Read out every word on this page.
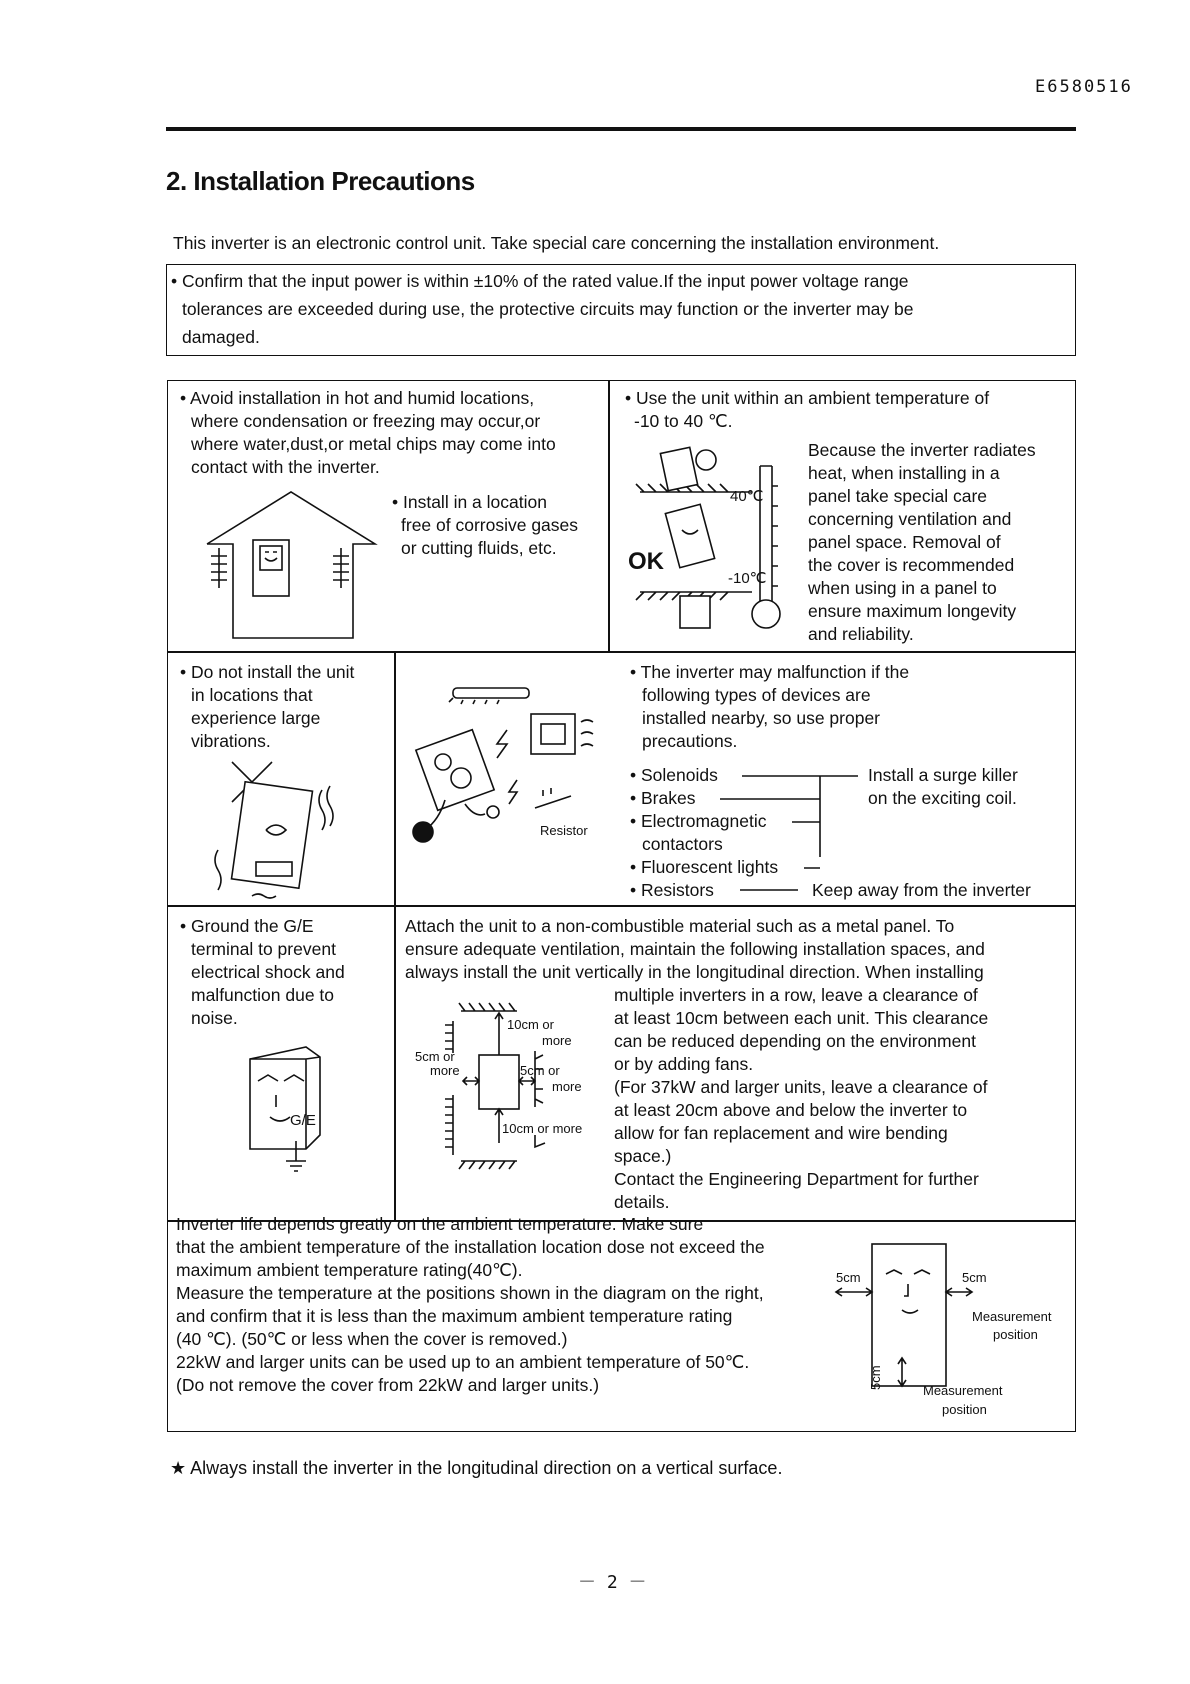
E6580516
2. Installation Precautions
This inverter is an electronic control unit. Take special care concerning the installation environment.
• Confirm that the input power is within ±10% of the rated value.If the input power voltage range
tolerances are exceeded during use, the protective circuits may function or the inverter may be
damaged.
• Avoid installation in hot and humid locations,
where condensation or freezing may occur,or
where water,dust,or metal chips may come into
contact with the inverter.
• Install in a location
free of corrosive gases
or cutting fluids, etc.
• Use the unit within an ambient temperature of
-10 to 40 ℃.
Because the inverter radiates
heat, when installing in a
panel take special care
concerning ventilation and
panel space. Removal of
the cover is recommended
when using in a panel to
ensure maximum longevity
and reliability.
40℃
-10℃
OK
• Do not install the unit
in locations that
experience large
vibrations.
Resistor
• The inverter may malfunction if the
following types of devices are
installed nearby, so use proper
precautions.
• Solenoids
• Brakes
• Electromagnetic
contactors
• Fluorescent lights
• Resistors
Install a surge killer
on the exciting coil.
Keep away from the inverter
• Ground the G/E
terminal to prevent
electrical shock and
malfunction due to
noise.
G/E
Attach the unit to a non-combustible material such as a metal panel. To
ensure adequate ventilation, maintain the following installation spaces, and
always install the unit vertically in the longitudinal direction. When installing
multiple inverters in a row, leave a clearance of
at least 10cm between each unit. This clearance
can be reduced depending on the environment
or by adding fans.
(For 37kW and larger units, leave a clearance of
at least 20cm above and below the inverter to
allow for fan replacement and wire bending
space.)
Contact the Engineering Department for further
details.
10cm or
more
5cm or
more	5cm or
more
10cm or more
Inverter life depends greatly on the ambient temperature. Make sure
that the ambient temperature of the installation location dose not exceed the
maximum ambient temperature rating(40℃).
Measure the temperature at the positions shown in the diagram on the right,
and confirm that it is less than the maximum ambient temperature rating
(40 ℃). (50℃ or less when the cover is removed.)
22kW and larger units can be used up to an ambient temperature of 50℃.
(Do not remove the cover from 22kW and larger units.)
5cm	5cm
Measurement
position
5cm
Measurement
position
★ Always install the inverter in the longitudinal direction on a vertical surface.
－ 2 －
